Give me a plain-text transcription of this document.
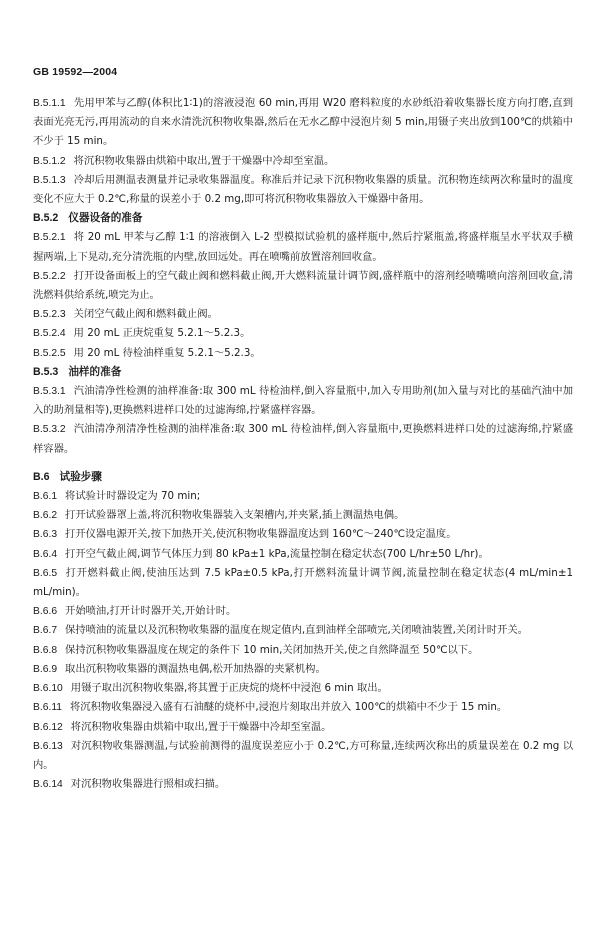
GB 19592—2004

B.5.1.1 先用甲苯与乙醇(体积比1∶1)的溶液浸泡 60 min,再用 W20 磨料粒度的水砂纸沿着收集器长度方向打磨,直到表面光亮无污,再用流动的自来水清洗沉积物收集器,然后在无水乙醇中浸泡片刻 5 min,用镊子夹出放到100℃的烘箱中不少于 15 min。

B.5.1.2 将沉积物收集器由烘箱中取出,置于干燥器中冷却至室温。

B.5.1.3 冷却后用测温表测量并记录收集器温度。称准后并记录下沉积物收集器的质量。沉积物连续两次称量时的温度变化不应大于 0.2℃,称量的误差小于 0.2 mg,即可将沉积物收集器放入干燥器中备用。

B.5.2 仪器设备的准备

B.5.2.1 将 20 mL 甲苯与乙醇 1∶1 的溶液倒入 L-2 型模拟试验机的盛样瓶中,然后拧紧瓶盖,将盛样瓶呈水平状双手横握两端,上下晃动,充分清洗瓶的内壁,放回远处。再在喷嘴前放置溶剂回收盒。

B.5.2.2 打开设备面板上的空气截止阀和燃料截止阀,开大燃料流量计调节阀,盛样瓶中的溶剂经喷嘴喷向溶剂回收盒,清洗燃料供给系统,喷完为止。

B.5.2.3 关闭空气截止阀和燃料截止阀。

B.5.2.4 用 20 mL 正庚烷重复 5.2.1～5.2.3。

B.5.2.5 用 20 mL 待检油样重复 5.2.1～5.2.3。

B.5.3 油样的准备

B.5.3.1 汽油清净性检测的油样准备:取 300 mL 待检油样,倒入容量瓶中,加入专用助剂(加入量与对比的基础汽油中加入的助剂量相等),更换燃料进样口处的过滤海绵,拧紧盛样容器。

B.5.3.2 汽油清净剂清净性检测的油样准备:取 300 mL 待检油样,倒入容量瓶中,更换燃料进样口处的过滤海绵,拧紧盛样容器。

B.6 试验步骤

B.6.1 将试验计时器设定为 70 min;

B.6.2 打开试验器罩上盖,将沉积物收集器装入支架槽内,并夹紧,插上测温热电偶。

B.6.3 打开仪器电源开关,按下加热开关,使沉积物收集器温度达到 160℃～240℃设定温度。

B.6.4 打开空气截止阀,调节气体压力到 80 kPa±1 kPa,流量控制在稳定状态(700 L/hr±50 L/hr)。

B.6.5 打开燃料截止阀,使油压达到 7.5 kPa±0.5 kPa,打开燃料流量计调节阀,流量控制在稳定状态(4 mL/min±1 mL/min)。

B.6.6 开始喷油,打开计时器开关,开始计时。

B.6.7 保持喷油的流量以及沉积物收集器的温度在规定值内,直到油样全部喷完,关闭喷油装置,关闭计时开关。

B.6.8 保持沉积物收集器温度在规定的条件下 10 min,关闭加热开关,使之自然降温至 50℃以下。

B.6.9 取出沉积物收集器的测温热电偶,松开加热器的夹紧机构。

B.6.10 用镊子取出沉积物收集器,将其置于正庚烷的烧杯中浸泡 6 min 取出。

B.6.11 将沉积物收集器浸入盛有石油醚的烧杯中,浸泡片刻取出并放入 100℃的烘箱中不少于 15 min。

B.6.12 将沉积物收集器由烘箱中取出,置于干燥器中冷却至室温。

B.6.13 对沉积物收集器测温,与试验前测得的温度误差应小于 0.2℃,方可称量,连续两次称出的质量误差在 0.2 mg 以内。

B.6.14 对沉积物收集器进行照相或扫描。
